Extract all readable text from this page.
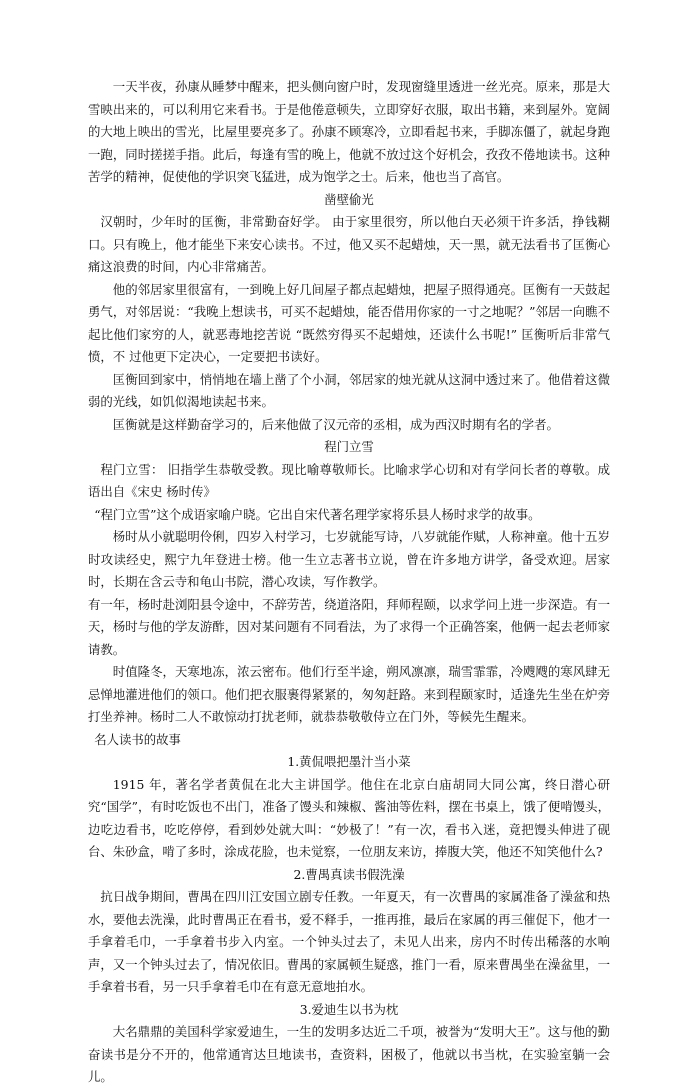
一天半夜，孙康从睡梦中醒来，把头侧向窗户时，发现窗缝里透进一丝光亮。原来，那是大雪映出来的，可以利用它来看书。于是他倦意顿失，立即穿好衣服，取出书籍，来到屋外。宽阔的大地上映出的雪光，比屋里要亮多了。孙康不顾寒冷，立即看起书来，手脚冻僵了，就起身跑一跑，同时搓搓手指。此后，每逢有雪的晚上，他就不放过这个好机会，孜孜不倦地读书。这种苦学的精神，促使他的学识突飞猛进，成为饱学之士。后来，他也当了高官。

凿壁偷光

汉朝时，少年时的匡衡，非常勤奋好学。 由于家里很穷，所以他白天必须干许多活，挣钱糊口。只有晚上，他才能坐下来安心读书。不过，他又买不起蜡烛，天一黑，就无法看书了匡衡心痛这浪费的时间，内心非常痛苦。

他的邻居家里很富有，一到晚上好几间屋子都点起蜡烛，把屋子照得通亮。匡衡有一天鼓起勇气，对邻居说：“我晚上想读书，可买不起蜡烛，能否借用你家的一寸之地呢？”邻居一向瞧不起比他们家穷的人，就恶毒地挖苦说 “既然穷得买不起蜡烛，还读什么书呢!” 匡衡听后非常气愤，不 过他更下定决心，一定要把书读好。

匡衡回到家中，悄悄地在墙上凿了个小洞，邻居家的烛光就从这洞中透过来了。他借着这微弱的光线，如饥似渴地读起书来。

匡衡就是这样勤奋学习的，后来他做了汉元帝的丞相，成为西汉时期有名的学者。

程门立雪

程门立雪： 旧指学生恭敬受教。现比喻尊敬师长。比喻求学心切和对有学问长者的尊敬。成语出自《宋史 杨时传》

“程门立雪”这个成语家喻户晓。它出自宋代著名理学家将乐县人杨时求学的故事。

杨时从小就聪明伶俐，四岁入村学习，七岁就能写诗，八岁就能作赋，人称神童。他十五岁时攻读经史，熙宁九年登进士榜。他一生立志著书立说，曾在许多地方讲学，备受欢迎。居家时，长期在含云寺和龟山书院，潜心攻读，写作教学。

有一年，杨时赴浏阳县令途中，不辞劳苦，绕道洛阳，拜师程颐，以求学问上进一步深造。有一天，杨时与他的学友游酢，因对某问题有不同看法，为了求得一个正确答案，他俩一起去老师家请教。

时值隆冬，天寒地冻，浓云密布。他们行至半途，朔风凛凛，瑞雪霏霏，冷飕飕的寒风肆无忌惮地灌进他们的领口。他们把衣服裹得紧紧的，匆匆赶路。来到程颐家时，适逢先生坐在炉旁打坐养神。杨时二人不敢惊动打扰老师，就恭恭敬敬侍立在门外，等候先生醒来。

名人读书的故事

1.黄侃喂把墨汁当小菜

1915 年，著名学者黄侃在北大主讲国学。他住在北京白庙胡同大同公寓，终日潜心研究“国学”，有时吃饭也不出门，准备了馒头和辣椒、酱油等佐料，摆在书桌上，饿了便啃馒头，边吃边看书，吃吃停停，看到妙处就大叫：“妙极了！”有一次，看书入迷，竟把馒头伸进了砚台、朱砂盒，啃了多时，涂成花脸，也未觉察，一位朋友来访，捧腹大笑，他还不知笑他什么?

2.曹禺真读书假洗澡

抗日战争期间，曹禺在四川江安国立剧专任教。一年夏天，有一次曹禺的家属准备了澡盆和热水，要他去洗澡，此时曹禺正在看书，爱不释手，一推再推，最后在家属的再三催促下，他才一手拿着毛巾，一手拿着书步入内室。一个钟头过去了，未见人出来，房内不时传出稀落的水响声，又一个钟头过去了，情况依旧。曹禺的家属顿生疑惑，推门一看，原来曹禺坐在澡盆里，一手拿着书看，另一只手拿着毛巾在有意无意地拍水。

3.爱迪生以书为枕

大名鼎鼎的美国科学家爱迪生，一生的发明多达近二千项，被誉为“发明大王”。这与他的勤奋读书是分不开的，他常通宵达旦地读书，查资料，困极了，他就以书当枕，在实验室躺一会儿。
